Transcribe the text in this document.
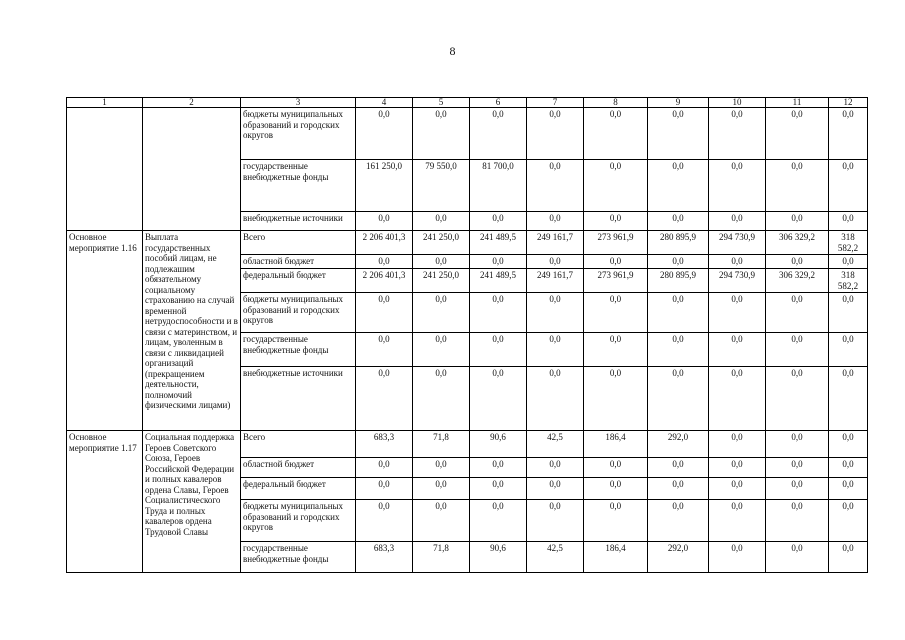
8
1	2	3	4	5	6	7	8	9	10	11	12
		бюджеты муниципальных образований и городских округов	0,0	0,0	0,0	0,0	0,0	0,0	0,0	0,0	0,0
		государственные внебюджетные фонды	161 250,0	79 550,0	81 700,0	0,0	0,0	0,0	0,0	0,0	0,0
		внебюджетные источники	0,0	0,0	0,0	0,0	0,0	0,0	0,0	0,0	0,0
Основное мероприятие 1.16	Выплата государственных пособий лицам, не подлежашим обязательному социальному страхованию на случай временной нетрудоспособности и в связи с материнством, и лицам, уволенным в связи с ликвидацией организаций (прекращением деятельности, полномочий физическими лицами)	Всего	2 206 401,3	241 250,0	241 489,5	249 161,7	273 961,9	280 895,9	294 730,9	306 329,2	318 582,2
		областной бюджет	0,0	0,0	0,0	0,0	0,0	0,0	0,0	0,0	0,0
		федеральный бюджет	2 206 401,3	241 250,0	241 489,5	249 161,7	273 961,9	280 895,9	294 730,9	306 329,2	318 582,2
		бюджеты муниципальных образований и городских округов	0,0	0,0	0,0	0,0	0,0	0,0	0,0	0,0	0,0
		государственные внебюджетные фонды	0,0	0,0	0,0	0,0	0,0	0,0	0,0	0,0	0,0
		внебюджетные источники	0,0	0,0	0,0	0,0	0,0	0,0	0,0	0,0	0,0
Основное мероприятие 1.17	Социальная поддержка Героев Советского Союза, Героев Российской Федерации и полных кавалеров ордена Славы, Героев Социалистического Труда и полных кавалеров ордена Трудовой Славы	Всего	683,3	71,8	90,6	42,5	186,4	292,0	0,0	0,0	0,0
		областной бюджет	0,0	0,0	0,0	0,0	0,0	0,0	0,0	0,0	0,0
		федеральный бюджет	0,0	0,0	0,0	0,0	0,0	0,0	0,0	0,0	0,0
		бюджеты муниципальных образований и городских округов	0,0	0,0	0,0	0,0	0,0	0,0	0,0	0,0	0,0
		государственные внебюджетные фонды	683,3	71,8	90,6	42,5	186,4	292,0	0,0	0,0	0,0
